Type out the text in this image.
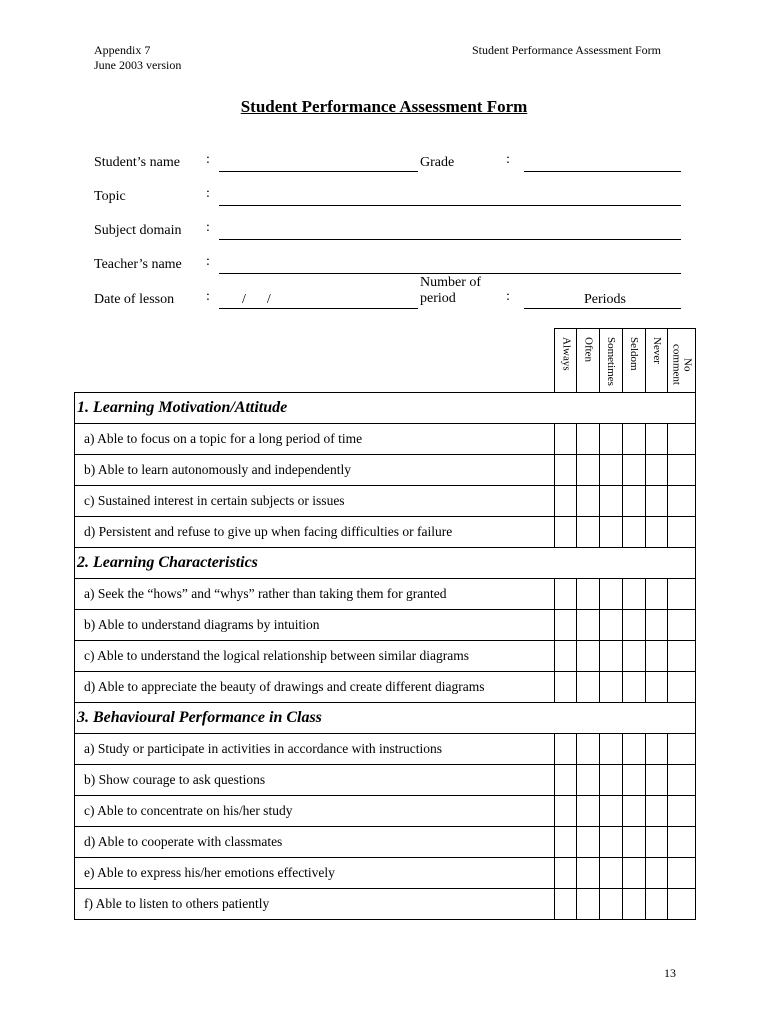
Appendix 7
June 2003 version
Student Performance Assessment Form
Student Performance Assessment Form
Student’s name :	Grade	:
Topic	:
Subject domain :
Teacher’s name :
Date of lesson : /      /
Number of
period	:	Periods

	Always	Often	Sometimes	Seldom	Never	No comment

1. Learning Motivation/Attitude						
a) Able to focus on a topic for a long period of time						
b) Able to learn autonomously and independently						
c) Sustained interest in certain subjects or issues						
d) Persistent and refuse to give up when facing difficulties or failure						
2. Learning Characteristics						
a) Seek the “hows” and “whys” rather than taking them for granted						
b) Able to understand diagrams by intuition						
c) Able to understand the logical relationship between similar diagrams						
d) Able to appreciate the beauty of drawings and create different diagrams						
3. Behavioural Performance in Class						
a) Study or participate in activities in accordance with instructions						
b) Show courage to ask questions						
c) Able to concentrate on his/her study						
d) Able to cooperate with classmates						
e) Able to express his/her emotions effectively						
f) Able to listen to others patiently						
13
